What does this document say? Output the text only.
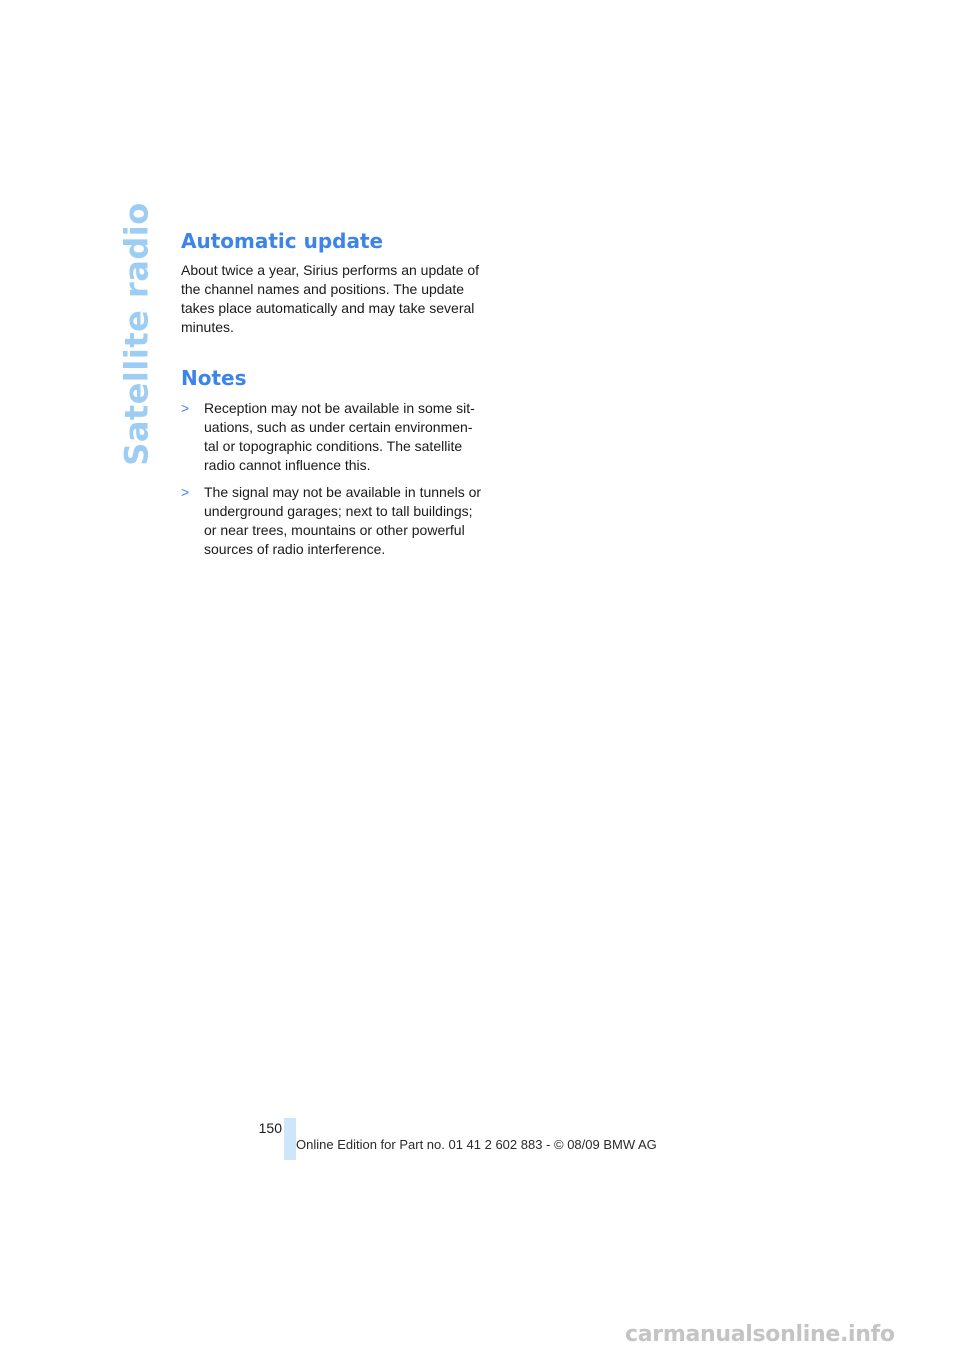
Satellite radio Automatic update
About twice a year, Sirius performs an update of
the channel names and positions. The update
takes place automatically and may take several
minutes.
Notes
> Reception may not be available in some sit-
uations, such as under certain environmen-
tal or topographic conditions. The satellite
radio cannot influence this.
> The signal may not be available in tunnels or
underground garages; next to tall buildings;
or near trees, mountains or other powerful
sources of radio interference.
150
Online Edition for Part no. 01 41 2 602 883 - © 08/09 BMW AG
carmanualsonline.info
